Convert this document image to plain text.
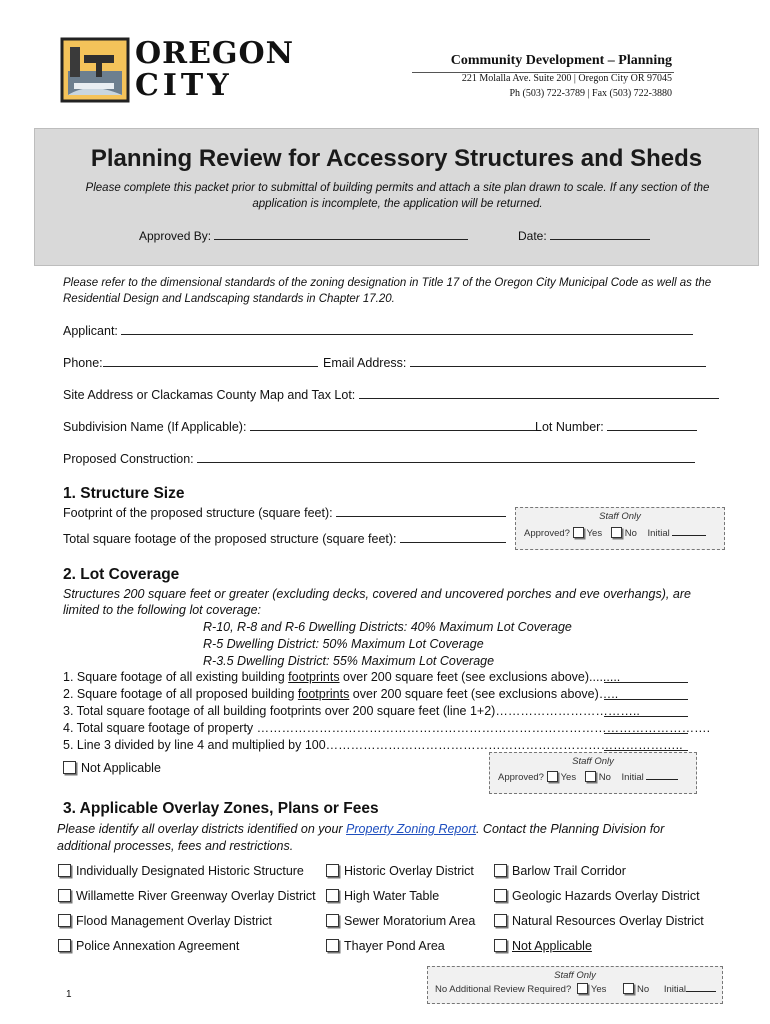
OREGON
CITY
Community Development – Planning
221 Molalla Ave. Suite 200 | Oregon City OR 97045
Ph (503) 722-3789 | Fax (503) 722-3880
Planning Review for Accessory Structures and Sheds
Please complete this packet prior to submittal of building permits and attach a site plan drawn to scale. If any section of the application is incomplete, the application will be returned.
Approved By:	Date:
Please refer to the dimensional standards of the zoning designation in Title 17 of the Oregon City Municipal Code as well as the Residential Design and Landscaping standards in Chapter 17.20.
Applicant:
Phone:	Email Address:
Site Address or Clackamas County Map and Tax Lot:
Subdivision Name (If Applicable):	Lot Number:
Proposed Construction:
1. Structure Size
Footprint of the proposed structure (square feet):
Total square footage of the proposed structure (square feet):
Staff Only
Approved? Yes No Initial
2. Lot Coverage
Structures 200 square feet or greater (excluding decks, covered and uncovered porches and eve overhangs), are limited to the following lot coverage:
R-10, R-8 and R-6 Dwelling Districts: 40% Maximum Lot Coverage
R-5 Dwelling District: 50% Maximum Lot Coverage
R-3.5 Dwelling District: 55% Maximum Lot Coverage
1. Square footage of all existing building footprints over 200 square feet (see exclusions above).........
2. Square footage of all proposed building footprints over 200 square feet (see exclusions above)…..
3. Total square footage of all building footprints over 200 square feet (line 1+2)……………………………..
4. Total square footage of property ……………………………………………………………………………………………….
5. Line 3 divided by line 4 and multiplied by 100…………………………………………………………………………..
Not Applicable	Staff Only
Approved? Yes No Initial
3. Applicable Overlay Zones, Plans or Fees
Please identify all overlay districts identified on your Property Zoning Report. Contact the Planning Division for additional processes, fees and restrictions.
Individually Designated Historic Structure	Historic Overlay District	Barlow Trail Corridor
Willamette River Greenway Overlay District	High Water Table	Geologic Hazards Overlay District
Flood Management Overlay District	Sewer Moratorium Area	Natural Resources Overlay District
Police Annexation Agreement	Thayer Pond Area	Not Applicable
Staff Only
No Additional Review Required? Yes	No Initial
1
